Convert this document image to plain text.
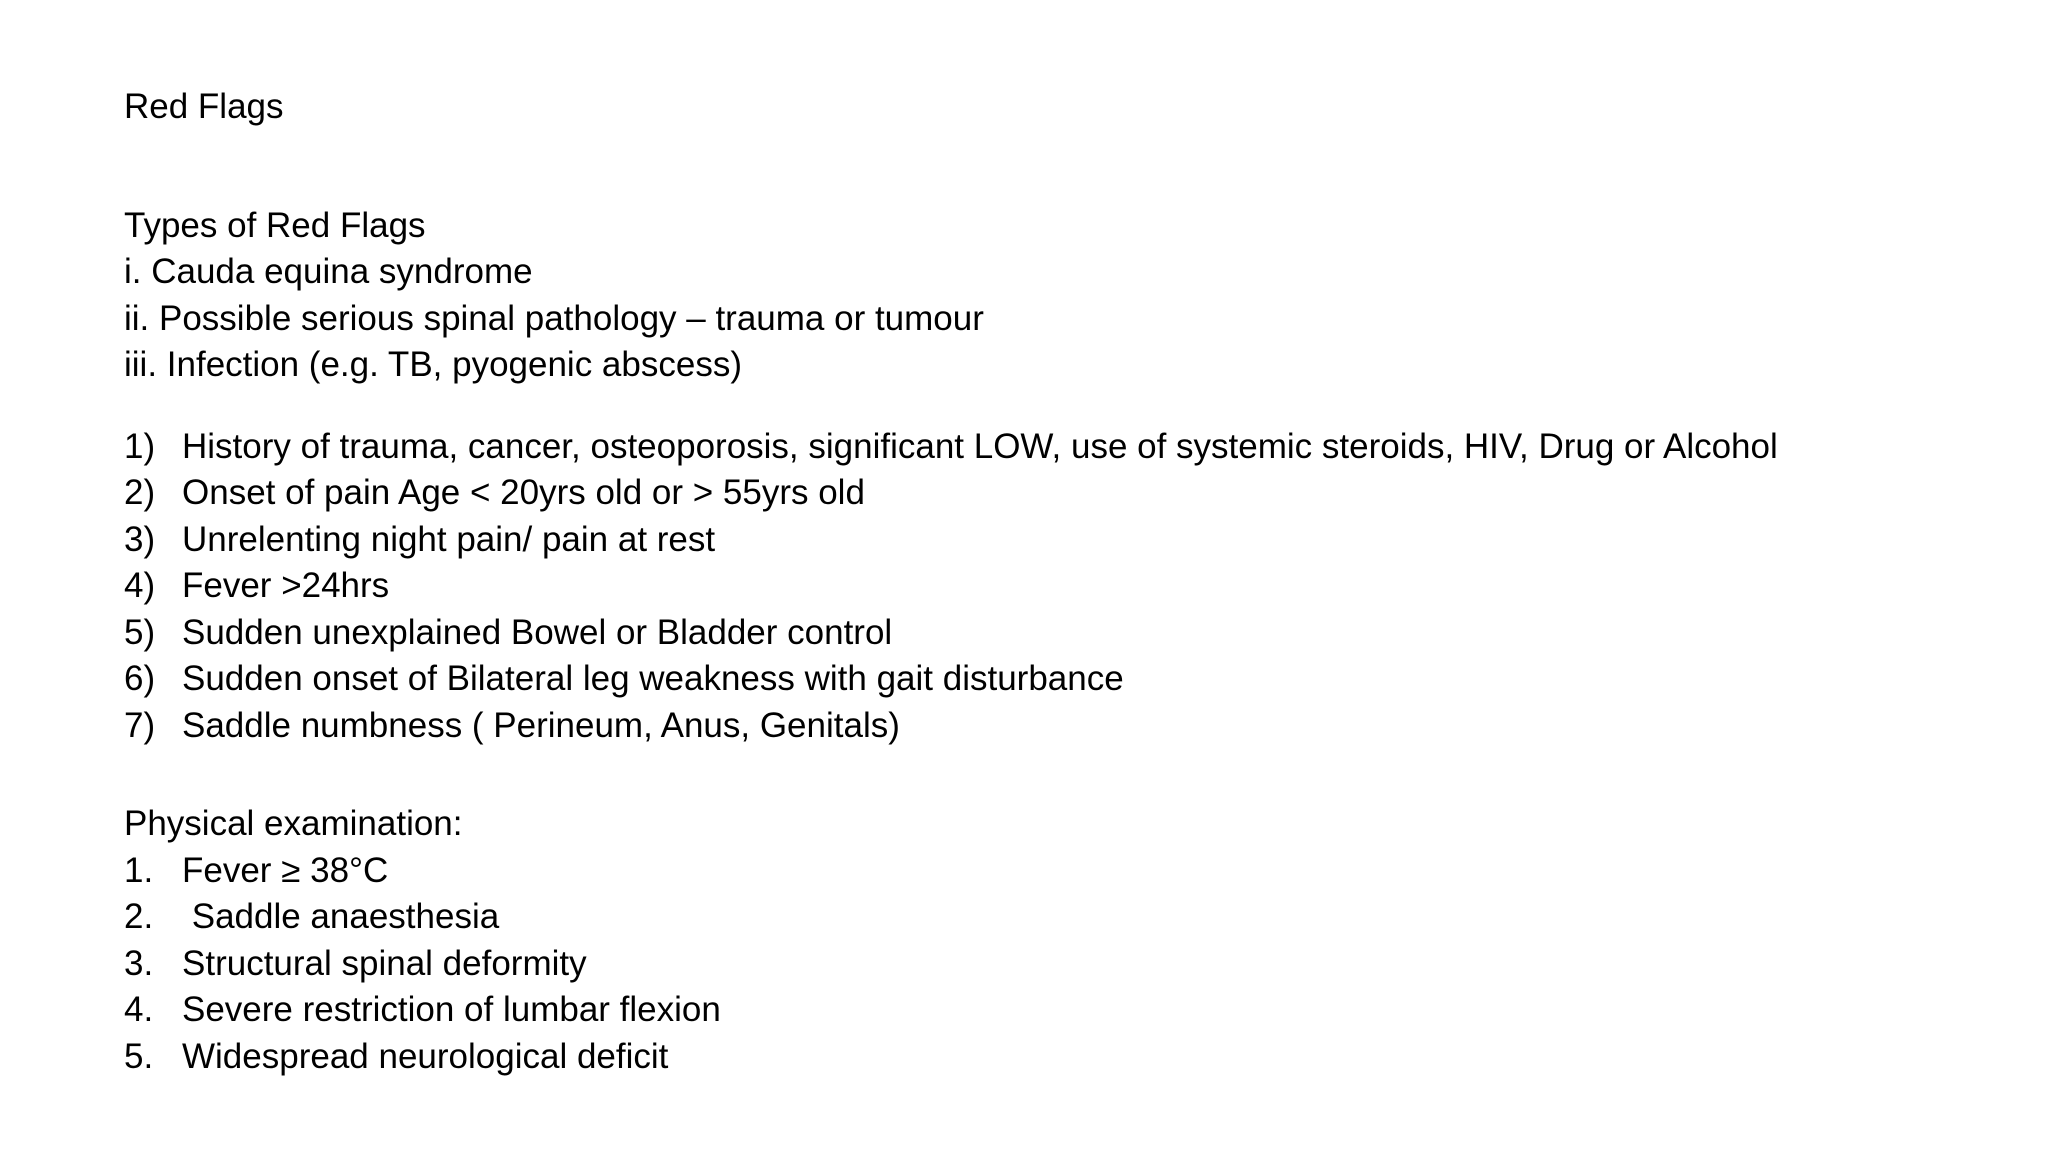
Red Flags
Types of Red Flags
i. Cauda equina syndrome
ii. Possible serious spinal pathology – trauma or tumour
iii. Infection (e.g. TB, pyogenic abscess)
1) History of trauma, cancer, osteoporosis, significant LOW, use of systemic steroids, HIV, Drug or Alcohol
2) Onset of pain Age < 20yrs old or > 55yrs old
3) Unrelenting night pain/ pain at rest
4) Fever >24hrs
5) Sudden unexplained Bowel or Bladder control
6) Sudden onset of Bilateral leg weakness with gait disturbance
7) Saddle numbness ( Perineum, Anus, Genitals)
Physical examination:
1. Fever ≥ 38°C
2. Saddle anaesthesia
3. Structural spinal deformity
4. Severe restriction of lumbar flexion
5. Widespread neurological deficit
